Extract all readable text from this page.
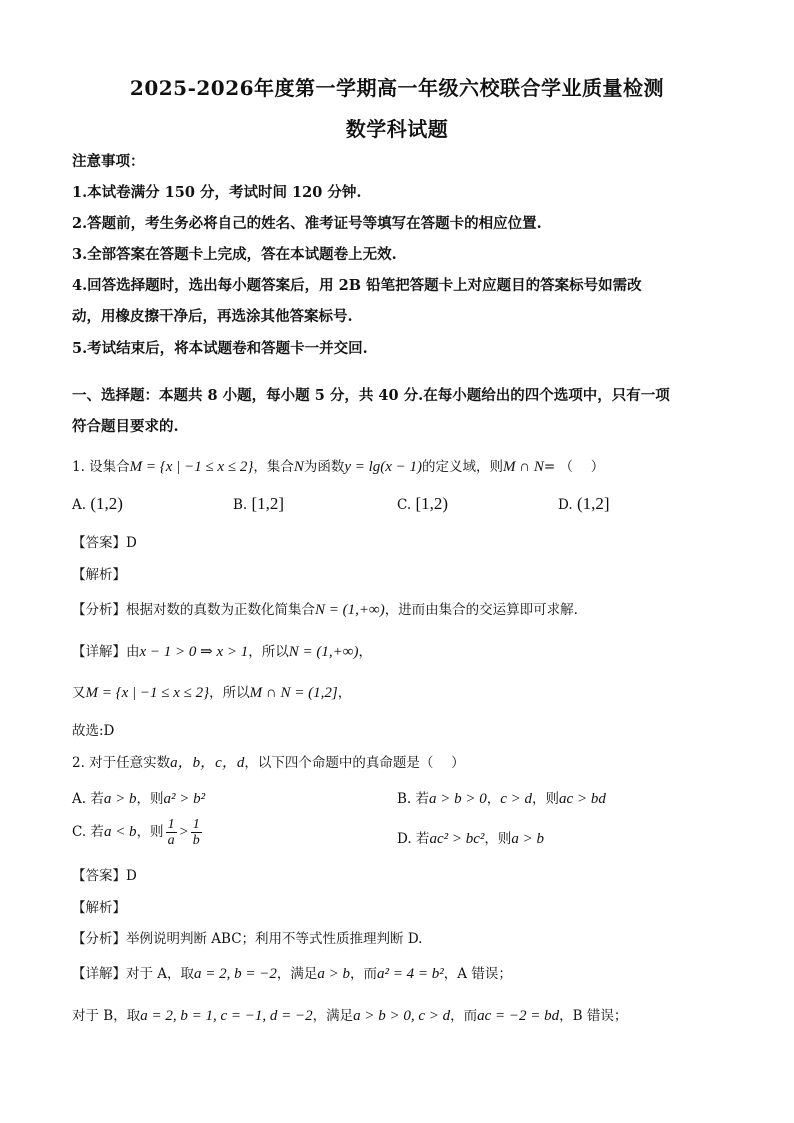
2025-2026年度第一学期高一年级六校联合学业质量检测
数学科试题
注意事项：
1.本试卷满分 150 分，考试时间 120 分钟.
2.答题前，考生务必将自己的姓名、准考证号等填写在答题卡的相应位置.
3.全部答案在答题卡上完成，答在本试题卷上无效.
4.回答选择题时，选出每小题答案后，用 2B 铅笔把答题卡上对应题目的答案标号如需改
动，用橡皮擦干净后，再选涂其他答案标号.
5.考试结束后，将本试题卷和答题卡一并交回.
一、选择题：本题共 8 小题，每小题 5 分，共 40 分.在每小题给出的四个选项中，只有一项
符合题目要求的.
1. 设集合M = {x | −1 ≤ x ≤ 2}，集合N为函数y = lg(x − 1)的定义域，则M ∩ N= （　 ）
A. (1,2)	B. [1,2]	C. [1,2)	D. (1,2]
【答案】D
【解析】
【分析】根据对数的真数为正数化简集合N = (1,+∞)，进而由集合的交运算即可求解.
【详解】由x − 1 > 0 ⇒ x > 1，所以N = (1,+∞)，
又M = {x | −1 ≤ x ≤ 2}，所以M ∩ N = (1,2]，
故选:D
2. 对于任意实数a，b，c，d，以下四个命题中的真命题是（　 ）
A. 若a > b，则a² > b²	B. 若a > b > 0，c > d，则ac > bd
C. 若a < b，则 $\frac{1}{a} > \frac{1}{b}$	D. 若ac² > bc²，则a > b
【答案】D
【解析】
【分析】举例说明判断 ABC；利用不等式性质推理判断 D.
【详解】对于 A，取a = 2, b = −2，满足a > b，而a² = 4 = b²，A 错误；
对于 B，取a = 2, b = 1, c = −1, d = −2，满足a > b > 0, c > d，而ac = −2 = bd，B 错误；
